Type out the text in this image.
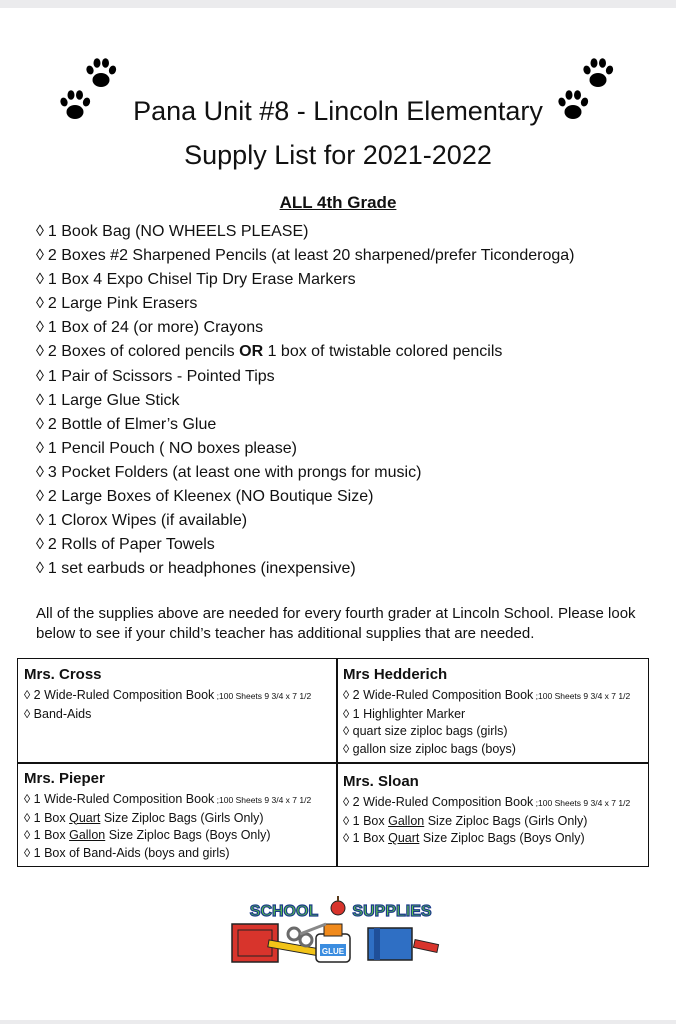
Pana Unit #8 - Lincoln Elementary
Supply List for 2021-2022
ALL 4th Grade
◊ 1 Book Bag (NO WHEELS PLEASE)
◊ 2 Boxes #2 Sharpened Pencils (at least 20 sharpened/prefer Ticonderoga)
◊ 1 Box 4 Expo Chisel Tip Dry Erase Markers
◊ 2 Large Pink Erasers
◊ 1 Box of 24 (or more) Crayons
◊ 2 Boxes of colored pencils OR 1 box of twistable colored pencils
◊ 1 Pair of Scissors - Pointed Tips
◊ 1 Large Glue Stick
◊ 2 Bottle of Elmer’s Glue
◊ 1 Pencil Pouch ( NO boxes please)
◊ 3 Pocket Folders (at least one with prongs for music)
◊ 2 Large Boxes of Kleenex (NO Boutique Size)
◊ 1 Clorox Wipes (if available)
◊ 2 Rolls of Paper Towels
◊ 1 set earbuds or headphones (inexpensive)
All of the supplies above are needed for every fourth grader at Lincoln School. Please look below to see if your child’s teacher has additional supplies that are needed.
Mrs. Cross
◊ 2 Wide-Ruled Composition Book ;100 Sheets 9 3/4 x 7 1/2
◊ Band-Aids
Mrs Hedderich
◊ 2 Wide-Ruled Composition Book ;100 Sheets 9 3/4 x 7 1/2
◊ 1 Highlighter Marker
◊ quart size ziploc bags (girls)
◊ gallon size ziploc bags (boys)
Mrs. Pieper
◊ 1 Wide-Ruled Composition Book ;100 Sheets 9 3/4 x 7 1/2
◊ 1 Box Quart Size Ziploc Bags (Girls Only)
◊ 1 Box Gallon Size Ziploc Bags (Boys Only)
◊ 1 Box of Band-Aids (boys and girls)
Mrs. Sloan
◊ 2 Wide-Ruled Composition Book ;100 Sheets 9 3/4 x 7 1/2
◊ 1 Box Gallon Size Ziploc Bags (Girls Only)
◊ 1 Box Quart Size Ziploc Bags (Boys Only)
GLUE
SCHOOL SUPPLIES
